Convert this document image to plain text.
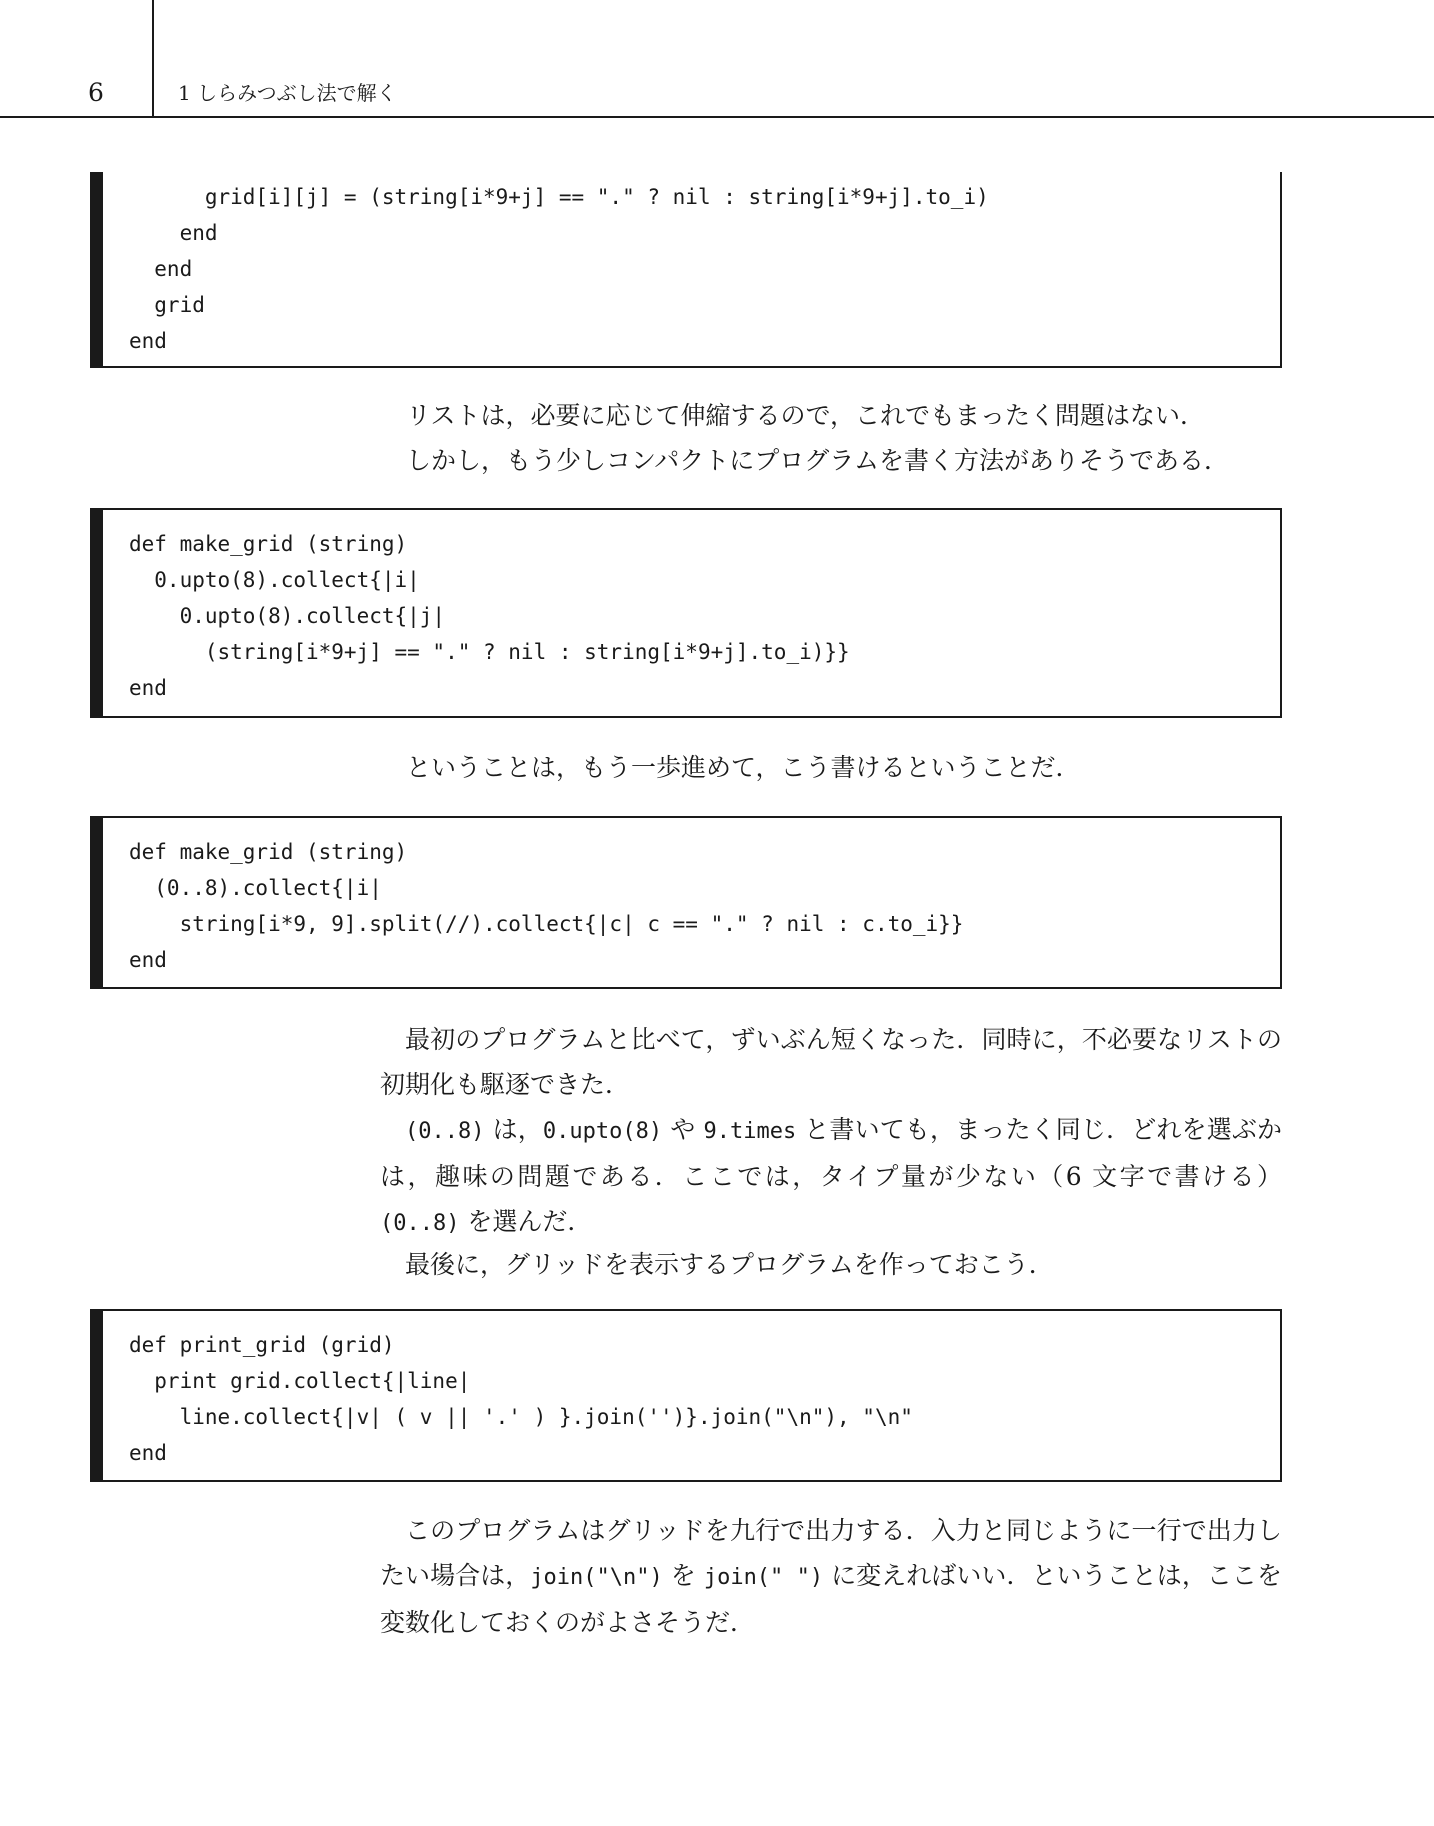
6	1 しらみつぶし法で解く
grid[i][j] = (string[i*9+j] == "." ? nil : string[i*9+j].to_i)
end
end
grid
end
リストは，必要に応じて伸縮するので，これでもまったく問題はない．
しかし，もう少しコンパクトにプログラムを書く方法がありそうである．
def make_grid (string)
0.upto(8).collect{|i|
0.upto(8).collect{|j|
(string[i*9+j] == "." ? nil : string[i*9+j].to_i)}}
end
ということは，もう一歩進めて，こう書けるということだ．
def make_grid (string)
(0..8).collect{|i|
string[i*9, 9].split(//).collect{|c| c == "." ? nil : c.to_i}}
end
最初のプログラムと比べて，ずいぶん短くなった．同時に，不必要なリストの初期化も駆逐できた．
(0..8) は，0.upto(8) や 9.times と書いても，まったく同じ．どれを選ぶかは，趣味の問題である．ここでは，タイプ量が少ない（6 文字で書ける）(0..8) を選んだ．
最後に，グリッドを表示するプログラムを作っておこう．
def print_grid (grid)
print grid.collect{|line|
line.collect{|v| ( v || '.' ) }.join('')}.join("\n"), "\n"
end
このプログラムはグリッドを九行で出力する．入力と同じように一行で出力したい場合は，join("\n") を join(" ") に変えればいい．ということは，ここを変数化しておくのがよさそうだ．
